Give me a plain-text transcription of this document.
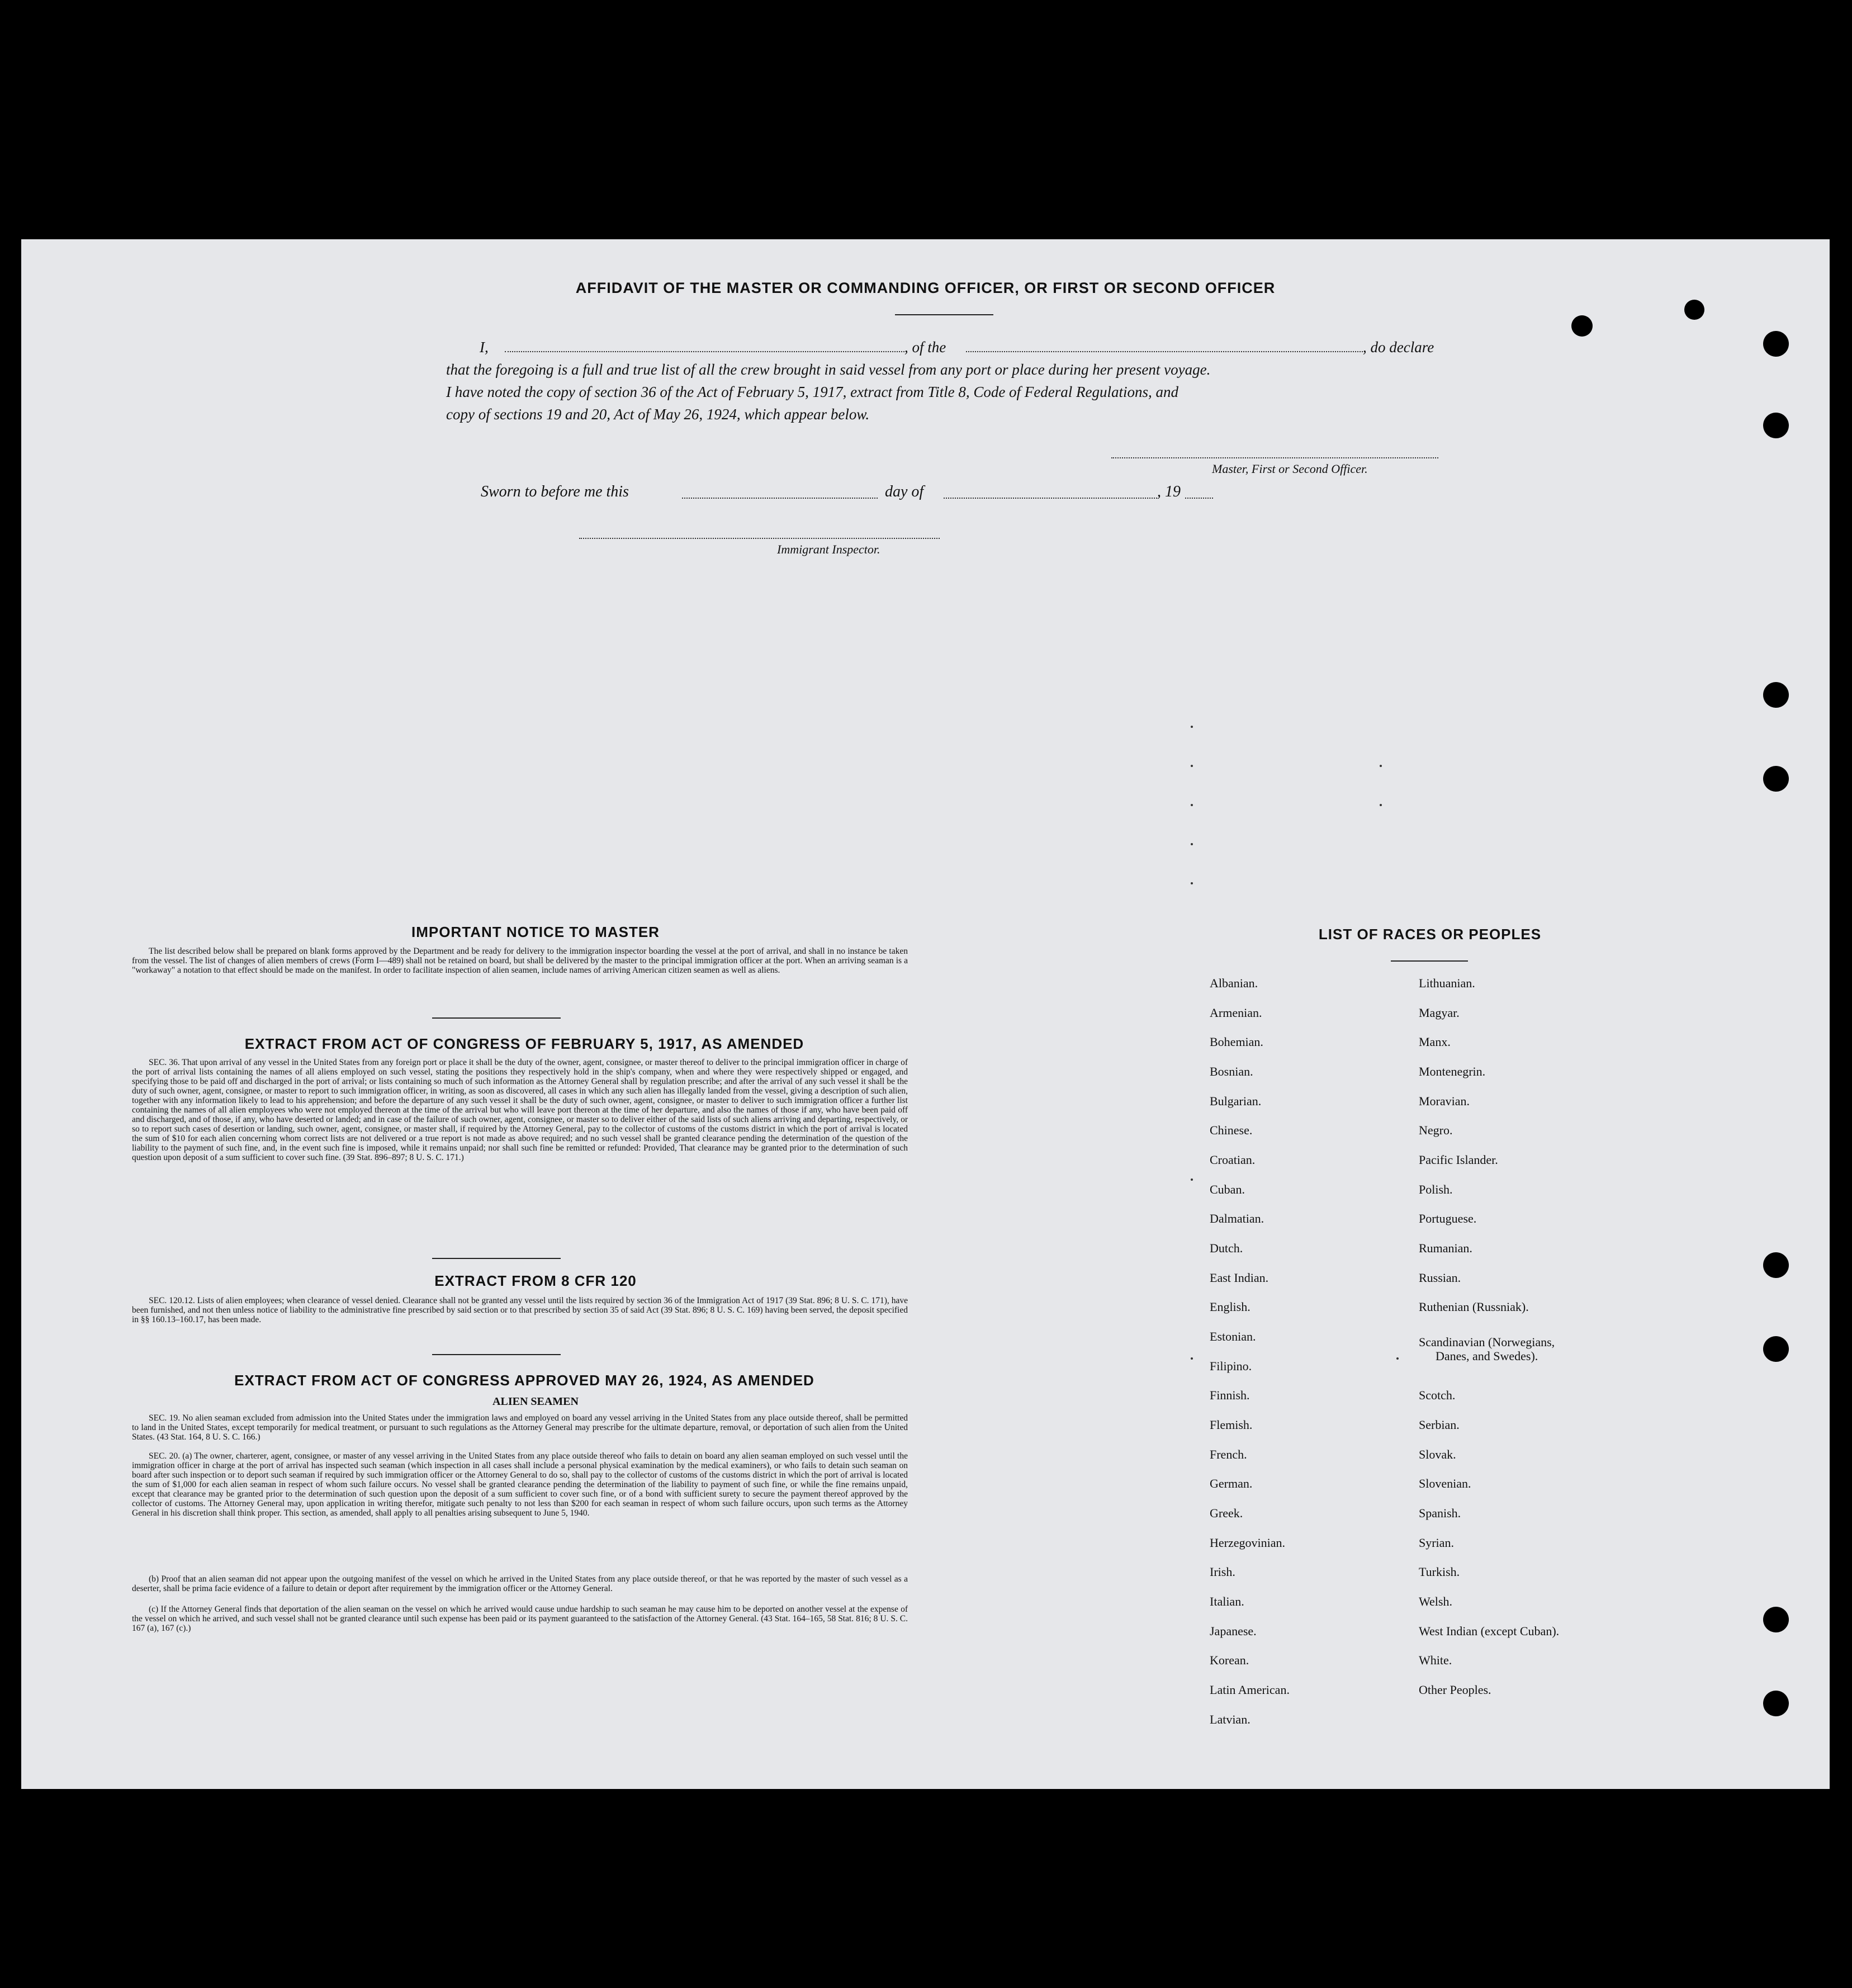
AFFIDAVIT OF THE MASTER OR COMMANDING OFFICER, OR FIRST OR SECOND OFFICER
I,	, of the	, do declare
that the foregoing is a full and true list of all the crew brought in said vessel from any port or place during her present voyage.
I have noted the copy of section 36 of the Act of February 5, 1917, extract from Title 8, Code of Federal Regulations, and
copy of sections 19 and 20, Act of May 26, 1924, which appear below.
Master, First or Second Officer.
Sworn to before me this	day of	, 19
Immigrant Inspector.
IMPORTANT NOTICE TO MASTER
The list described below shall be prepared on blank forms approved by the Department and be ready for delivery to the immigration inspector boarding the vessel at the port of arrival, and shall in no instance be taken from the vessel. The list of changes of alien members of crews (Form I—489) shall not be retained on board, but shall be delivered by the master to the principal immigration officer at the port. When an arriving seaman is a "workaway" a notation to that effect should be made on the manifest. In order to facilitate inspection of alien seamen, include names of arriving American citizen seamen as well as aliens.
EXTRACT FROM ACT OF CONGRESS OF FEBRUARY 5, 1917, AS AMENDED
SEC. 36. That upon arrival of any vessel in the United States from any foreign port or place it shall be the duty of the owner, agent, consignee, or master thereof to deliver to the principal immigration officer in charge of the port of arrival lists containing the names of all aliens employed on such vessel, stating the positions they respectively hold in the ship's company, when and where they were respectively shipped or engaged, and specifying those to be paid off and discharged in the port of arrival; or lists containing so much of such information as the Attorney General shall by regulation prescribe; and after the arrival of any such vessel it shall be the duty of such owner, agent, consignee, or master to report to such immigration officer, in writing, as soon as discovered, all cases in which any such alien has illegally landed from the vessel, giving a description of such alien, together with any information likely to lead to his apprehension; and before the departure of any such vessel it shall be the duty of such owner, agent, consignee, or master to deliver to such immigration officer a further list containing the names of all alien employees who were not employed thereon at the time of the arrival but who will leave port thereon at the time of her departure, and also the names of those if any, who have been paid off and discharged, and of those, if any, who have deserted or landed; and in case of the failure of such owner, agent, consignee, or master so to deliver either of the said lists of such aliens arriving and departing, respectively, or so to report such cases of desertion or landing, such owner, agent, consignee, or master shall, if required by the Attorney General, pay to the collector of customs of the customs district in which the port of arrival is located the sum of $10 for each alien concerning whom correct lists are not delivered or a true report is not made as above required; and no such vessel shall be granted clearance pending the determination of the question of the liability to the payment of such fine, and, in the event such fine is imposed, while it remains unpaid; nor shall such fine be remitted or refunded: Provided, That clearance may be granted prior to the determination of such question upon deposit of a sum sufficient to cover such fine. (39 Stat. 896–897; 8 U. S. C. 171.)
EXTRACT FROM 8 CFR 120
SEC. 120.12. Lists of alien employees; when clearance of vessel denied. Clearance shall not be granted any vessel until the lists required by section 36 of the Immigration Act of 1917 (39 Stat. 896; 8 U. S. C. 171), have been furnished, and not then unless notice of liability to the administrative fine prescribed by said section or to that prescribed by section 35 of said Act (39 Stat. 896; 8 U. S. C. 169) having been served, the deposit specified in §§ 160.13–160.17, has been made.
EXTRACT FROM ACT OF CONGRESS APPROVED MAY 26, 1924, AS AMENDED
ALIEN SEAMEN
SEC. 19. No alien seaman excluded from admission into the United States under the immigration laws and employed on board any vessel arriving in the United States from any place outside thereof, shall be permitted to land in the United States, except temporarily for medical treatment, or pursuant to such regulations as the Attorney General may prescribe for the ultimate departure, removal, or deportation of such alien from the United States. (43 Stat. 164, 8 U. S. C. 166.)
SEC. 20. (a) The owner, charterer, agent, consignee, or master of any vessel arriving in the United States from any place outside thereof who fails to detain on board any alien seaman employed on such vessel until the immigration officer in charge at the port of arrival has inspected such seaman (which inspection in all cases shall include a personal physical examination by the medical examiners), or who fails to detain such seaman on board after such inspection or to deport such seaman if required by such immigration officer or the Attorney General to do so, shall pay to the collector of customs of the customs district in which the port of arrival is located the sum of $1,000 for each alien seaman in respect of whom such failure occurs. No vessel shall be granted clearance pending the determination of the liability to payment of such fine, or while the fine remains unpaid, except that clearance may be granted prior to the determination of such question upon the deposit of a sum sufficient to cover such fine, or of a bond with sufficient surety to secure the payment thereof approved by the collector of customs. The Attorney General may, upon application in writing therefor, mitigate such penalty to not less than $200 for each seaman in respect of whom such failure occurs, upon such terms as the Attorney General in his discretion shall think proper. This section, as amended, shall apply to all penalties arising subsequent to June 5, 1940.
(b) Proof that an alien seaman did not appear upon the outgoing manifest of the vessel on which he arrived in the United States from any place outside thereof, or that he was reported by the master of such vessel as a deserter, shall be prima facie evidence of a failure to detain or deport after requirement by the immigration officer or the Attorney General.
(c) If the Attorney General finds that deportation of the alien seaman on the vessel on which he arrived would cause undue hardship to such seaman he may cause him to be deported on another vessel at the expense of the vessel on which he arrived, and such vessel shall not be granted clearance until such expense has been paid or its payment guaranteed to the satisfaction of the Attorney General. (43 Stat. 164–165, 58 Stat. 816; 8 U. S. C. 167 (a), 167 (c).)
LIST OF RACES OR PEOPLES
Albanian.
Armenian.
Bohemian.
Bosnian.
Bulgarian.
Chinese.
Croatian.
Cuban.
Dalmatian.
Dutch.
East Indian.
English.
Estonian.
Filipino.
Finnish.
Flemish.
French.
German.
Greek.
Herzegovinian.
Irish.
Italian.
Japanese.
Korean.
Latin American.
Latvian.
Lithuanian.
Magyar.
Manx.
Montenegrin.
Moravian.
Negro.
Pacific Islander.
Polish.
Portuguese.
Rumanian.
Russian.
Ruthenian (Russniak).
Scandinavian (Norwegians,
Danes, and Swedes).
Scotch.
Serbian.
Slovak.
Slovenian.
Spanish.
Syrian.
Turkish.
Welsh.
West Indian (except Cuban).
White.
Other Peoples.
